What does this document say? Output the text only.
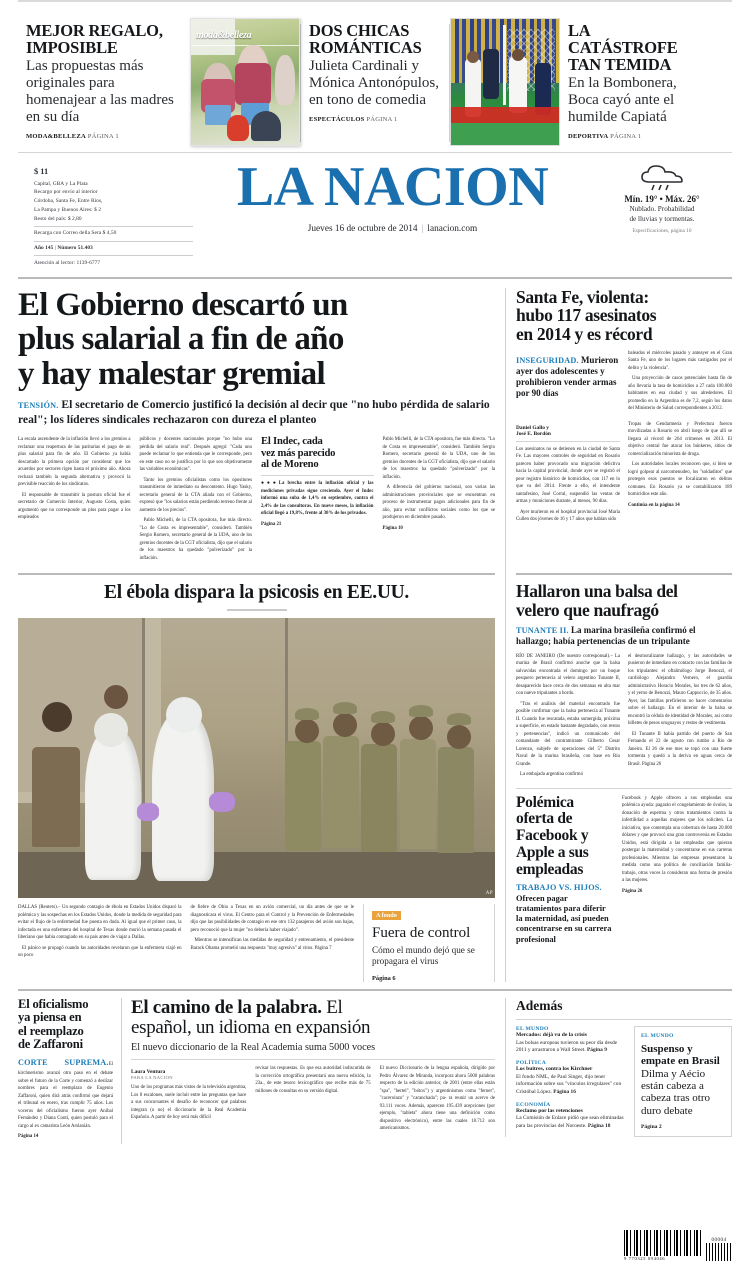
MEJOR REGALO,
IMPOSIBLE
Las propuestas más originales para homenajear a las madres en su día
MODA&BELLEZA PÁGINA 1
moda&belleza	DOS CHICAS
ROMÁNTICAS
Julieta Cardinali y Mónica Antonópulos, en tono de comedia
ESPECTÁCULOS PÁGINA 1
LA CATÁSTROFE
TAN TEMIDA
En la Bombonera, Boca cayó ante el humilde Capiatá
DEPORTIVA PÁGINA 1
$ 11
Capital, GBA y La Plata
Recargo por envío al interior
Córdoba, Santa Fe, Entre Ríos,
La Pampa y Buenos Aires: $ 2
Resto del país: $ 2,80
Recarga con Correo della Sera $ 4,50
Año 145 | Número 51.403
Atención al lector: 1139-6777
LA NACION
Jueves 16 de octubre de 2014 | lanacion.com
Mín. 19° • Máx. 26°
Nublado. Probabilidad
de lluvias y tormentas.
Especificaciones, página 10
El Gobierno descartó un
plus salarial a fin de año
y hay malestar gremial
TENSIÓN. El secretario de Comercio justificó la decisión al decir que "no hubo pérdida de salario real"; los líderes sindicales rechazaron con dureza el planteo

La escala ascendente de la inflación llevó a los gremios a reclamar una reapertura de las paritarias el pago de un plus salarial para fin de año. El Gobierno ya había descartado la primera opción por considerar que los acuerdos por sectores rigen hasta el próximo año. Ahora rechazó también la segunda alternativa y provocó la previsible reacción de los sindicatos.

El responsable de transmitir la postura oficial fue el secretario de Comercio Interior, Augusto Costa, quien argumentó que no corresponde un plus para pagar a los empleados

públicos y docentes nacionales porque "no hubo una pérdida del salario real". Después agregó: "Cada uno puede reclamar lo que entienda que le corresponde, pero en este caso no se justifica por lo que son objetivamente las variables económicas".

Tanto los gremios oficialistas como los opositores transmitieron de inmediato su descontento. Hugo Yasky, secretario general de la CTA aliada con el Gobierno, expresó que "los salarios están perdiendo terreno frente al aumento de los precios".

Pablo Michelli, de la CTA opositora, fue más directo. "Lo de Costa es impresentable", consideró. También Sergio Romero, secretario general de la UDA, uno de los gremios docentes de la CGT oficialista, dijo que el salario de los maestros ha quedado "pulverizado" por la inflación.

El Indec, cada
vez más parecido
al de Moreno

●●●La brecha entre la inflación oficial y las mediciones privadas sigue creciendo. Ayer el Indec informó una suba de 1,4% en septiembre, contra el 2,4% de las consultoras. En nueve meses, la inflación oficial llegó a 19,8%, frente al 30% de los privados.

Página 21

Pablo Michelli, de la CTA opositora, fue más directo. "Lo de Costa es impresentable", consideró. También Sergio Romero, secretario general de la UDA, uno de los gremios docentes de la CGT oficialista, dijo que el salario de los maestros ha quedado "pulverizado" por la inflación.

A diferencia del gobierno nacional, son varias las administraciones provinciales que se encuentran en proceso de instrumentar pagos adicionales para fin de año, para evitar conflictos sociales como los que se produjeron en diciembre pasado.

Página 10

Santa Fe, violenta:
hubo 117 asesinatos
en 2014 y es récord
INSEGURIDAD. Murieron ayer dos adolescentes y prohibieron vender armas por 90 días

baleados el miércoles pasado y anteayer en el Gran Santa Fe, uno de los lugares más castigados por el delito y la violencia".

Una proyección de casos potenciales hasta fin de año llevaría la tasa de homicidios a 27 cada 100.000 habitantes en esa ciudad y sus alrededores. El promedio en la Argentina es de 7,2, según los datos del Ministerio de Salud correspondientes a 2012.

Daniel Gallo y
José E. Bordón

Los asesinatos no se detienen en la ciudad de Santa Fe. Las mayores controles de seguridad en Rosario parecen haber provocado una migración delictiva hacia la capital provincial, donde ayer se registró el peor registro histórico de homicidios, con 117 en lo que va del 2014. Frente a ello, el intendente santafesino, José Corral, suspendió las ventas de armas y municiones durante, al menos, 90 días.

Ayer murieron en el hospital provincial José María Cullen dos jóvenes de 16 y 17 años que habían sido

Tropas de Gendarmería y Prefectura fueron movilizadas a Rosario en abril luego de que allí se llegara al récord de 264 crímenes en 2013. El objetivo central fue atacar los búnkeres, sitios de comercialización minorista de droga.

Los autoridades locales reconocen que, si bien se logró golpear al narcomenudeo, los "soldaditos" que protegen esos puestos se focalizaron en delitos comunes. En Rosario ya se contabilizaron 189 homicidios este año.

Continúa en la página 14

El ébola dispara la psicosis en EE.UU.
AP

DALLAS (Reuters).– Un segundo contagio de ébola en Estados Unidos disparó la polémica y las sospechas en los Estados Unidos, donde la medida de seguridad para evitar el flujo de la enfermedad fue puesta en duda. Al igual que el primer caso, la infectada es una enfermera del hospital de Texas donde murió la semana pasada el liberiano que había contagiado en su país antes de viajar a Dallas.

El pánico se propagó cuando las autoridades revelaron que la enfermera viajó en un poco

de fiebre de Ohio a Texas en un avión comercial, un día antes de que se le diagnosticara el virus. El Centro para el Control y la Prevención de Enfermedades dijo que las posibilidades de contagio en ese otro 132 pasajeros del avión son bajas, pero reconoció que la mujer "no debería haber viajado".

Mientras se intensifican las medidas de seguridad y entrenamiento, el presidente Barack Obama prometió una respuesta "muy agresiva" al virus. Página 7

A fondo
Fuera de control
Cómo el mundo dejó que se propagara el virus
Página 6
Hallaron una balsa del
velero que naufragó
TUNANTE II. La marina brasileña confirmó el hallazgo; había pertenencias de un tripulante

RÍO DE JANEIRO (De nuestro corresponsal).– La marina de Brasil confirmó anoche que la balsa salvavidas encontrada el domingo por un buque pesquero pertenecía al velero argentino Tunante II, desaparecido hace cerca de dos semanas en alta mar con nueve tripulantes a bordo.

"Tras el análisis del material encontrado fue posible confirmar que la balsa pertenecía al Tunante II. Cuando fue rescatada, estaba sumergida, próxima a superficie, en estado bastante degradado, con restos y pertenencias", indicó un comunicado del comandante del contramirante Gilberto Cesar Lorenzo, subjefe de operaciones del 5° Distrito Naval de la marina brasileña, con base en Río Grande.

La embajada argentina confirmó

el desmoralizante hallazgo, y las autoridades se pusieron de inmediato en contacto con las familias de los tripulantes: el oftalmólogo Jorge Benozzi, el cardiólogo Alejandro Vernero, el guardia administrativo Horacio Morales, los tres de 62 años, y el yerno de Benozzi, Mauro Cappuccio, de 35 años. Ayer, las familias prefirieron no hacer comentarios sobre el hallazgo. En el interior de la balsa se encontró la cédula de identidad de Morales, así como billetes de pesos uruguayos y restos de vestimenta.

El Tunante II había partido del puerto de San Fernando el 22 de agosto con rumbo a Río de Janeiro. El 26 de ese mes se topó con una fuerte tormenta y quedó a la deriva en aguas cerca de Brasil. Página 26

Polémica
oferta de
Facebook y
Apple a sus
empleadas
TRABAJO VS. HIJOS. Ofrecen pagar tratamientos para diferir la maternidad, así pueden concentrarse en su carrera profesional

Facebook y Apple ofrecen a sus empleadas una polémica ayuda: pagarán el congelamiento de óvulos, la donación de esperma y otros tratamientos contra la infertilidad a aquellas mujeres que los soliciten. La iniciativa, que contempla una cobertura de hasta 20.000 dólares y que provocó una gran controversia en Estados Unidos, está dirigida a las empleadas que quieran postergar la maternidad y concentrarse en sus carreras profesionales. Mientras las empresas presentaron la medida como una política de conciliación familia-trabajo, otras voces la consideran una forma de presión a las mujeres.

Página 26

El oficialismo
ya piensa en
el reemplazo
de Zaffaroni

CORTE SUPREMA.El kirchnerismo avanzó otro paso en el debate sobre el futuro de la Corte y comenzó a deslizar nombres para el reemplazo de Eugenio Zaffaroni, quien dirá atrás confirmó que dejará el tribunal en enero, tras cumplir 75 años. Los voceros del oficialismo fueron ayer Aníbal Fernández y Diana Conti, quien postuló para el cargo al ex camarista León Arslanián.

Página 14

El camino de la palabra. El
español, un idioma en expansión
El nuevo diccionario de la Real Academia suma 5000 voces
Laura Ventura
PARA LA NACION

Uno de los programas más vistos de la televisión argentina, Los 8 escalones, suele incluir entre las preguntas que hace a sus concursantes el desafío de reconocer qué palabras integran (o no) el diccionario de la Real Academia Española. A partir de hoy será más difícil

revisar las respuestas. Es que esa autoridad indiscutida de la corrección ortográfica presentará una nueva edición, la 23a., de este tesoro lexicográfico que recibe más de 75 millones de consultas en su versión digital.

El nuevo Diccionario de la lengua española, dirigido por Pedro Álvarez de Miranda, incorpora ahora 5000 palabras respecto de la edición anterior, de 2001 (entre ellas están "spa", "hertel", "bótox") y argentinismos como "fernet", "cacerolazo" y "caranchada"; pa- ra reunir un acervo de 93.111 voces. Además, aparecen 195.439 acepciones (por ejemplo, "tableta" ahora tiene una definición como dispositivo electrónico), entre las cuales 18.712 son americanismos.

Además
EL MUNDO
Mercados: déjà vu de la crisis
Las bolsas europeas tuvieron su peor día desde 2011 y arrastraron a Wall Street. Página 9
POLÍTICA
Los buitres, contra los Kirchner
El fondo NML, de Paul Singer, dijo tener información sobre sus "vínculos irregulares" con Cristóbal López. Página 16
ECONOMÍA
Reclamo por las retenciones
La Comisión de Enlace pidió que sean eliminadas para las provincias del Noroeste. Página 18
EL MUNDO
Suspenso y empate en Brasil
Dilma y Aécio
están cabeza a
cabeza tras otro
duro debate
Página 2
9 770325 094046
00004
